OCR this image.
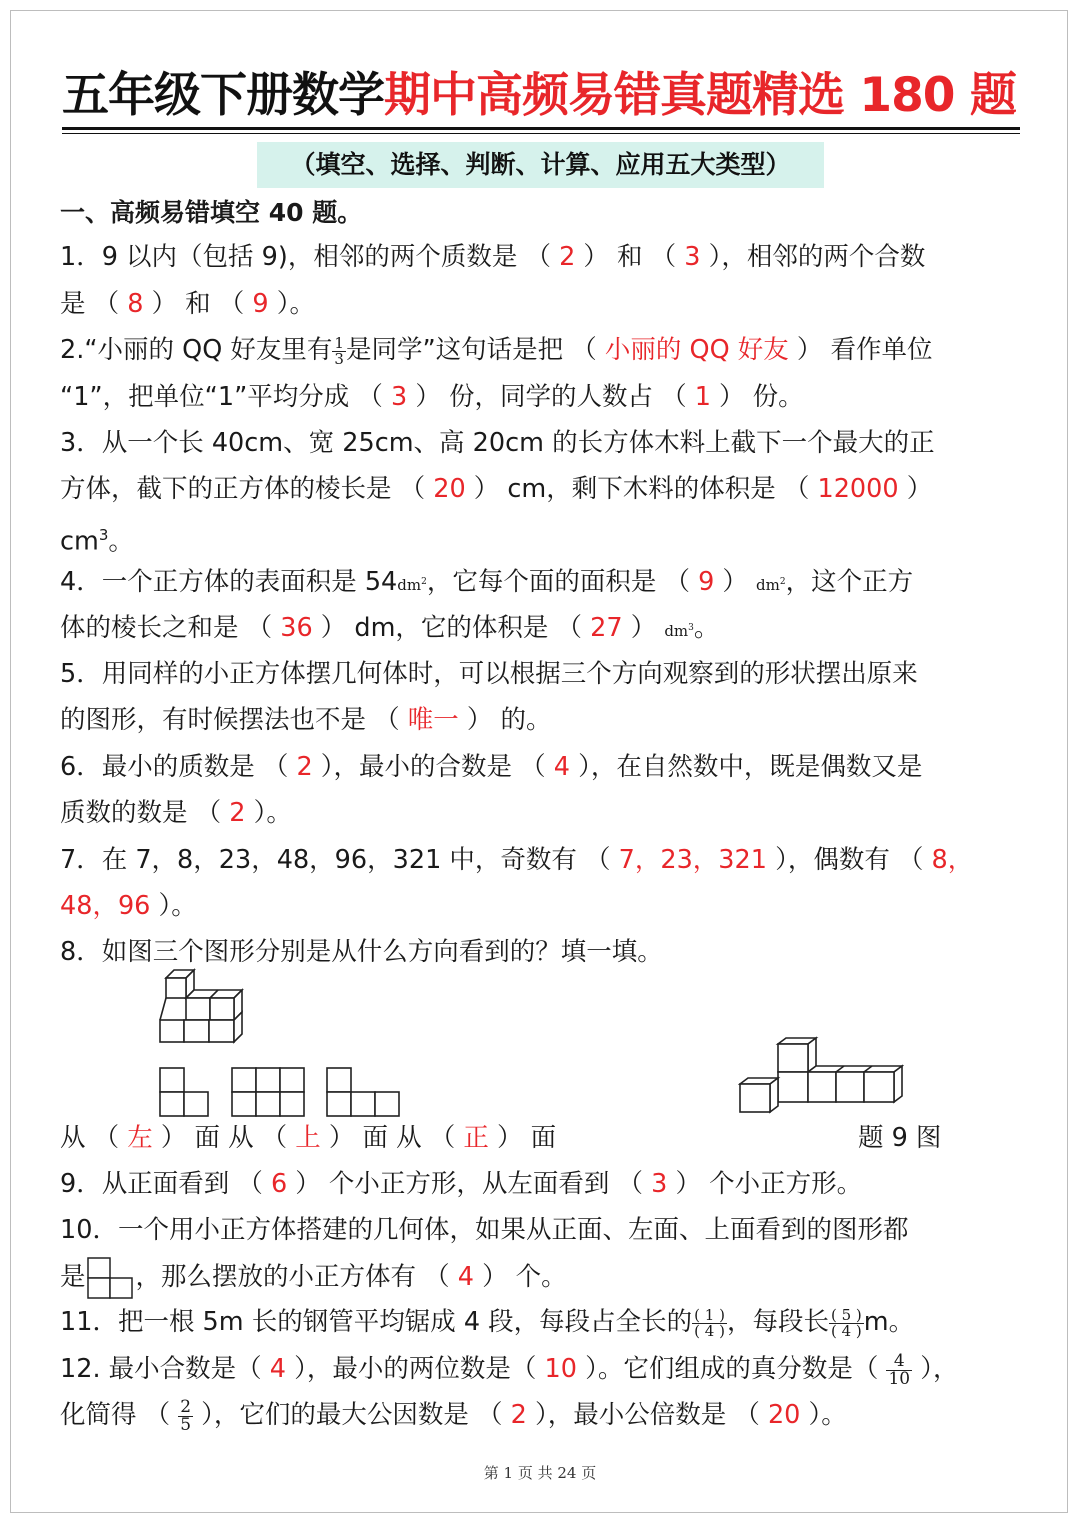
五年级下册数学期中高频易错真题精选 180 题
（填空、选择、判断、计算、应用五大类型）
一、高频易错填空 40 题。
1．9 以内（包括 9)，相邻的两个质数是 （ 2 ） 和 （ 3 ），相邻的两个合数
是 （ 8 ） 和 （ 9 ）。
2.“小丽的 QQ 好友里有 $\frac{1}{3}$ 是同学”这句话是把 （ 小丽的 QQ 好友 ） 看作单位
“1”，把单位“1”平均分成 （ 3 ） 份，同学的人数占 （ 1 ） 份。
3．从一个长 40cm、宽 25cm、高 20cm 的长方体木料上截下一个最大的正
方体，截下的正方体的棱长是 （ 20 ） cm，剩下木料的体积是 （ 12000 ）
$cm^3$。
4．一个正方体的表面积是 $54dm^2$，它每个面的面积是 （ 9 ） $dm^2$，这个正方
体的棱长之和是 （ 36 ） dm，它的体积是 （ 27 ） $dm^3$。
5．用同样的小正方体摆几何体时，可以根据三个方向观察到的形状摆出原来
的图形，有时候摆法也不是 （ 唯一 ） 的。
6．最小的质数是 （ 2 ），最小的合数是 （ 4 ），在自然数中，既是偶数又是
质数的数是 （ 2 ）。
7．在 7，8，23，48，96，321 中，奇数有 （ 7，23，321 ），偶数有 （ 8，
48，96 ）。
8．如图三个图形分别是从什么方向看到的？填一填。
从 （ 左 ） 面 从 （ 上 ） 面 从 （ 正 ） 面	题 9 图
9．从正面看到 （ 6 ） 个小正方形，从左面看到 （ 3 ） 个小正方形。
10．一个用小正方体搭建的几何体，如果从正面、左面、上面看到的图形都
是 ，那么摆放的小正方体有 （ 4 ） 个。
11．把一根 5m 长的钢管平均锯成 4 段，每段占全长的 $\frac{( 1 )}{( 4 )}$ ，每段长 $\frac{( 5 )}{( 4 )}$ m。
12. 最小合数是（ 4 ），最小的两位数是（ 10 ）。它们组成的真分数是（ $\frac{4}{10}$ ），
化简得 （ $\frac{2}{5}$ ），它们的最大公因数是 （ 2 ），最小公倍数是 （ 20 ）。
第 1 页 共 24 页
